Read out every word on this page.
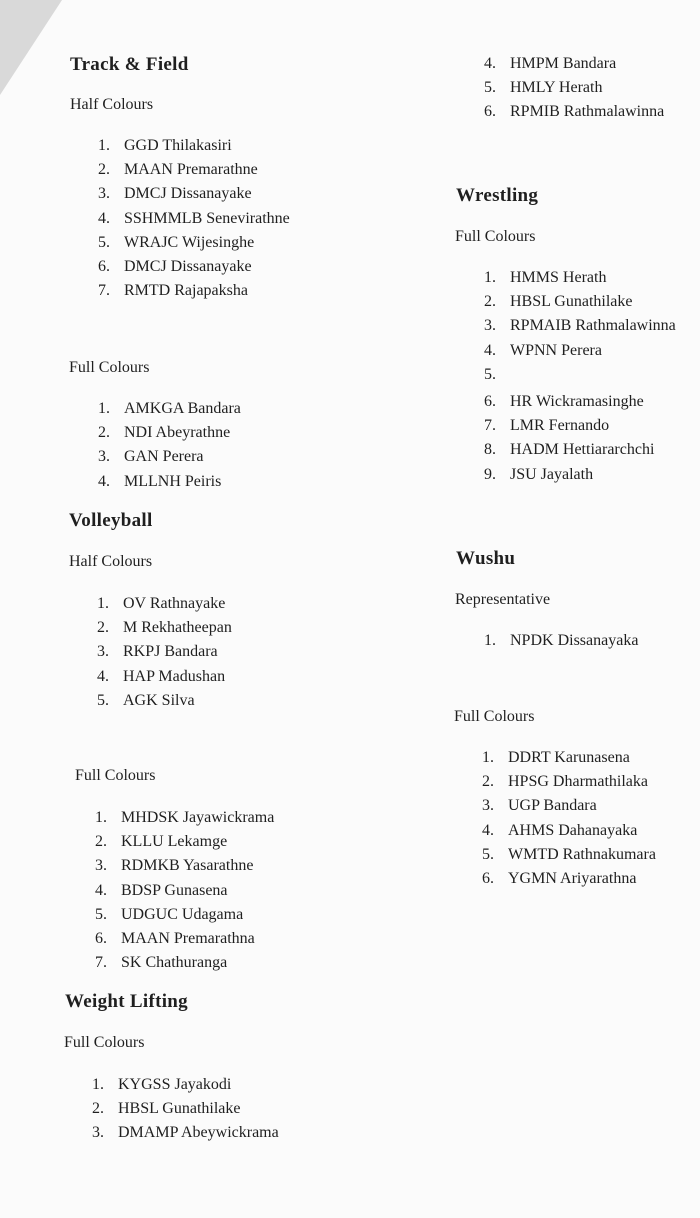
Track & Field

Half Colours

1. GGD Thilakasiri
2. MAAN Premarathne
3. DMCJ Dissanayake
4. SSHMMLB Senevirathne
5. WRAJC Wijesinghe
6. DMCJ Dissanayake
7. RMTD Rajapaksha

Full Colours

1. AMKGA Bandara
2. NDI Abeyrathne
3. GAN Perera
4. MLLNH Peiris
Volleyball

Half Colours

1. OV Rathnayake
2. M Rekhatheepan
3. RKPJ Bandara
4. HAP Madushan
5. AGK Silva

Full Colours

1. MHDSK Jayawickrama
2. KLLU Lekamge
3. RDMKB Yasarathne
4. BDSP Gunasena
5. UDGUC Udagama
6. MAAN Premarathna
7. SK Chathuranga
Weight Lifting

Full Colours

1. KYGSS Jayakodi
2. HBSL Gunathilake
3. DMAMP Abeywickrama
4. HMPM Bandara
5. HMLY Herath
6. RPMIB Rathmalawinna
Wrestling

Full Colours

1. HMMS Herath
2. HBSL Gunathilake
3. RPMAIB Rathmalawinna
4. WPNN Perera
5.
6. HR Wickramasinghe
7. LMR Fernando
8. HADM Hettiararchchi
9. JSU Jayalath
Wushu

Representative

1. NPDK Dissanayaka

Full Colours

1. DDRT Karunasena
2. HPSG Dharmathilaka
3. UGP Bandara
4. AHMS Dahanayaka
5. WMTD Rathnakumara
6. YGMN Ariyarathna
